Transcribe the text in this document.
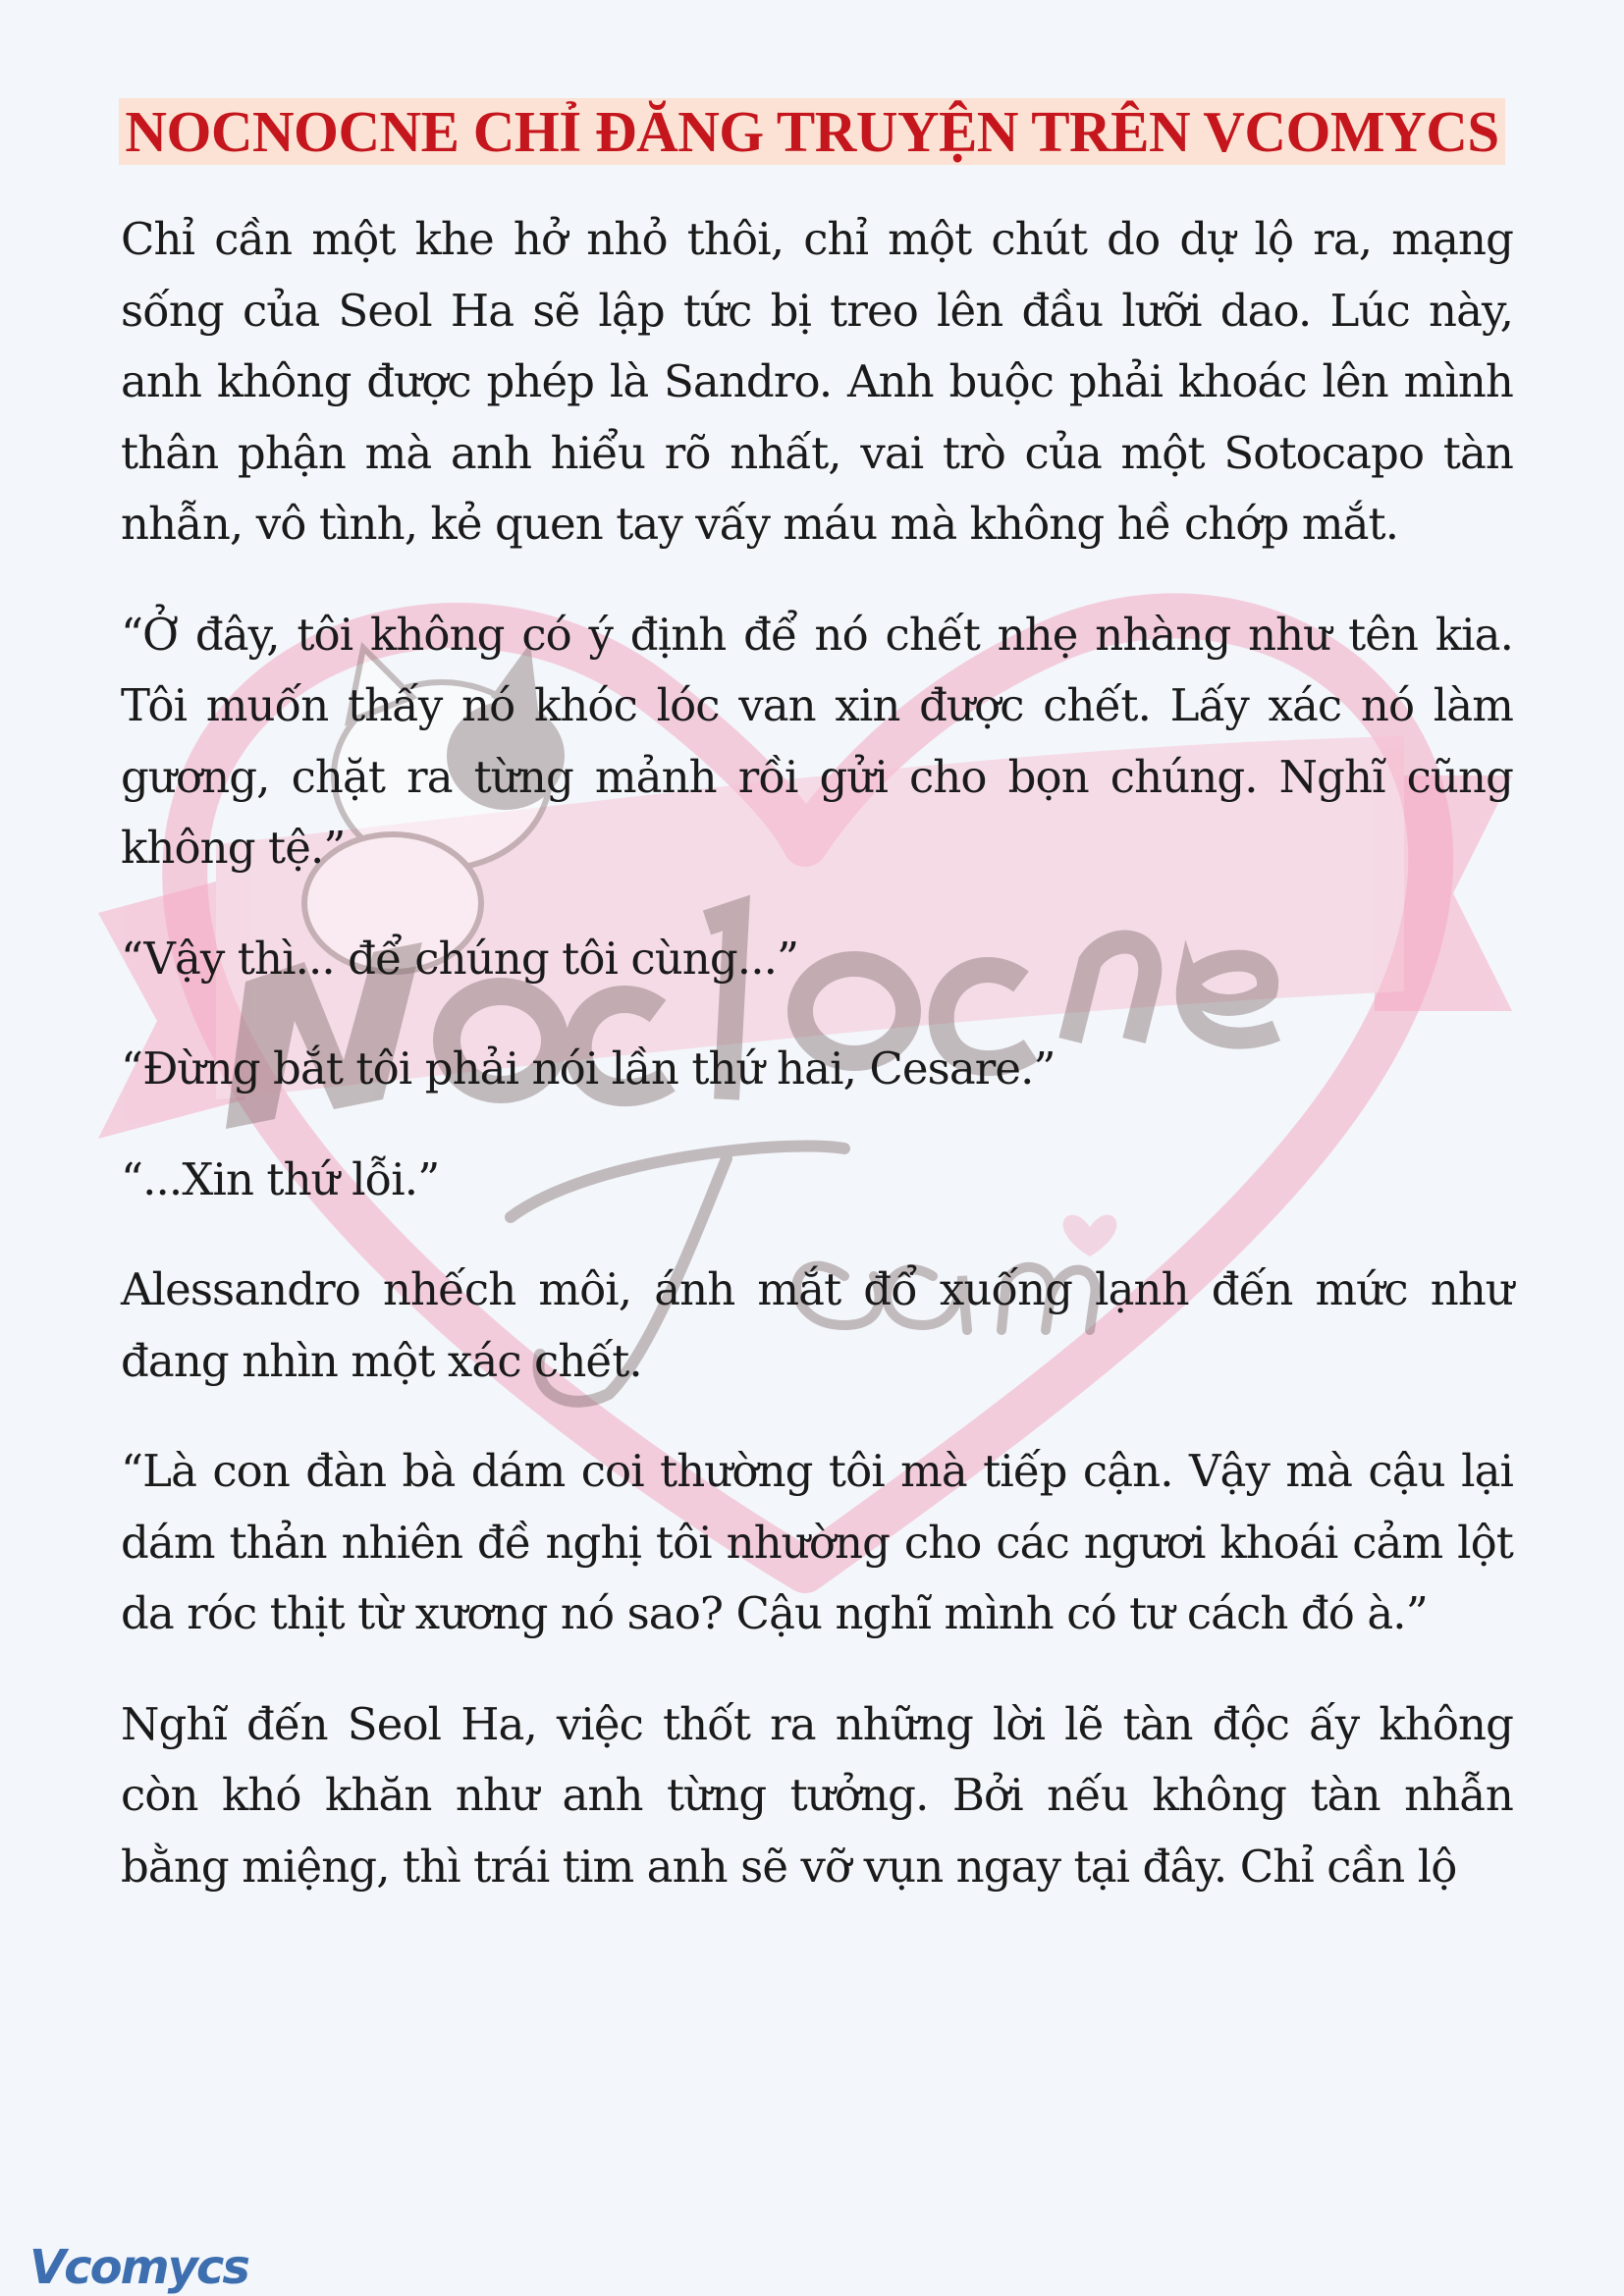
NOCNOCNE CHỈ ĐĂNG TRUYỆN TRÊN VCOMYCS

Chỉ cần một khe hở nhỏ thôi, chỉ một chút do dự lộ ra, mạng sống của Seol Ha sẽ lập tức bị treo lên đầu lưỡi dao. Lúc này, anh không được phép là Sandro. Anh buộc phải khoác lên mình thân phận mà anh hiểu rõ nhất, vai trò của một Sotocapo tàn nhẫn, vô tình, kẻ quen tay vấy máu mà không hề chớp mắt.

“Ở đây, tôi không có ý định để nó chết nhẹ nhàng như tên kia. Tôi muốn thấy nó khóc lóc van xin được chết. Lấy xác nó làm gương, chặt ra từng mảnh rồi gửi cho bọn chúng. Nghĩ cũng không tệ.”

“Vậy thì... để chúng tôi cùng...”

“Đừng bắt tôi phải nói lần thứ hai, Cesare.”

“...Xin thứ lỗi.”

Alessandro nhếch môi, ánh mắt đổ xuống lạnh đến mức như đang nhìn một xác chết.

“Là con đàn bà dám coi thường tôi mà tiếp cận. Vậy mà cậu lại dám thản nhiên đề nghị tôi nhường cho các ngươi khoái cảm lột da róc thịt từ xương nó sao? Cậu nghĩ mình có tư cách đó à.”

Nghĩ đến Seol Ha, việc thốt ra những lời lẽ tàn độc ấy không còn khó khăn như anh từng tưởng. Bởi nếu không tàn nhẫn bằng miệng, thì trái tim anh sẽ vỡ vụn ngay tại đây. Chỉ cần lộ

Vcomycs
